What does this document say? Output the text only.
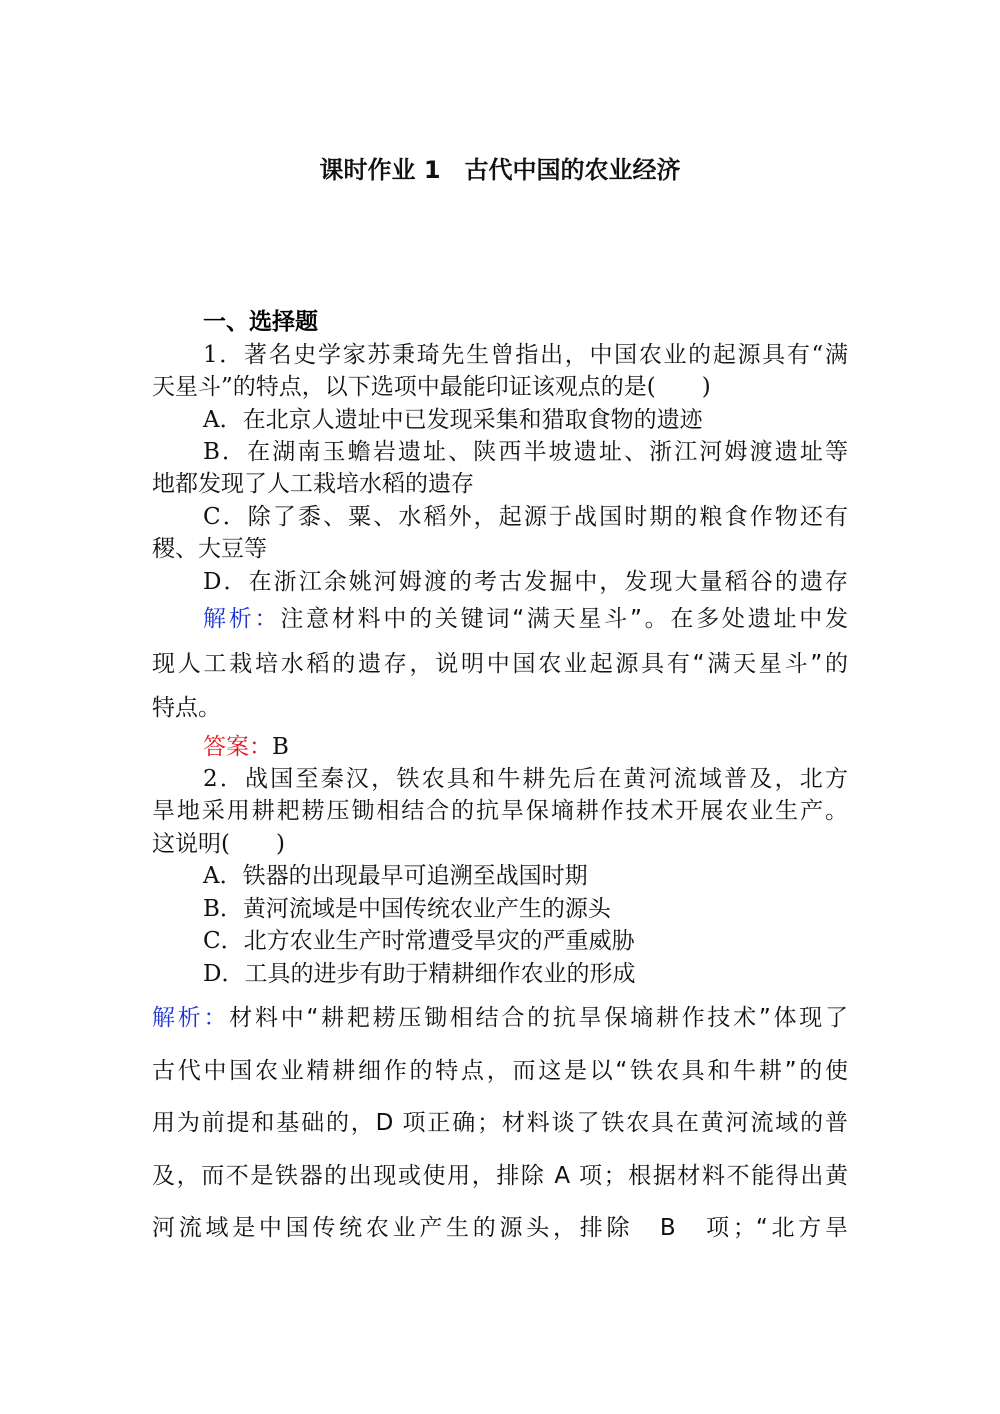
课时作业 1　古代中国的农业经济
一、选择题
1．著名史学家苏秉琦先生曾指出，中国农业的起源具有“满
天星斗”的特点，以下选项中最能印证该观点的是(　　)
A．在北京人遗址中已发现采集和猎取食物的遗迹
B．在湖南玉蟾岩遗址、陕西半坡遗址、浙江河姆渡遗址等
地都发现了人工栽培水稻的遗存
C．除了黍、粟、水稻外，起源于战国时期的粮食作物还有
稷、大豆等
D．在浙江余姚河姆渡的考古发掘中，发现大量稻谷的遗存
解析：注意材料中的关键词“满天星斗”。在多处遗址中发
现人工栽培水稻的遗存，说明中国农业起源具有“满天星斗”的
特点。
答案：B
2．战国至秦汉，铁农具和牛耕先后在黄河流域普及，北方
旱地采用耕耙耢压锄相结合的抗旱保墒耕作技术开展农业生产。
这说明(　　)
A．铁器的出现最早可追溯至战国时期
B．黄河流域是中国传统农业产生的源头
C．北方农业生产时常遭受旱灾的严重威胁
D．工具的进步有助于精耕细作农业的形成
解析：材料中“耕耙耢压锄相结合的抗旱保墒耕作技术”体现了
古代中国农业精耕细作的特点，而这是以“铁农具和牛耕”的使
用为前提和基础的，D 项正确；材料谈了铁农具在黄河流域的普
及，而不是铁器的出现或使用，排除 A 项；根据材料不能得出黄
河流域是中国传统农业产生的源头，排除　B　项；“北方旱
